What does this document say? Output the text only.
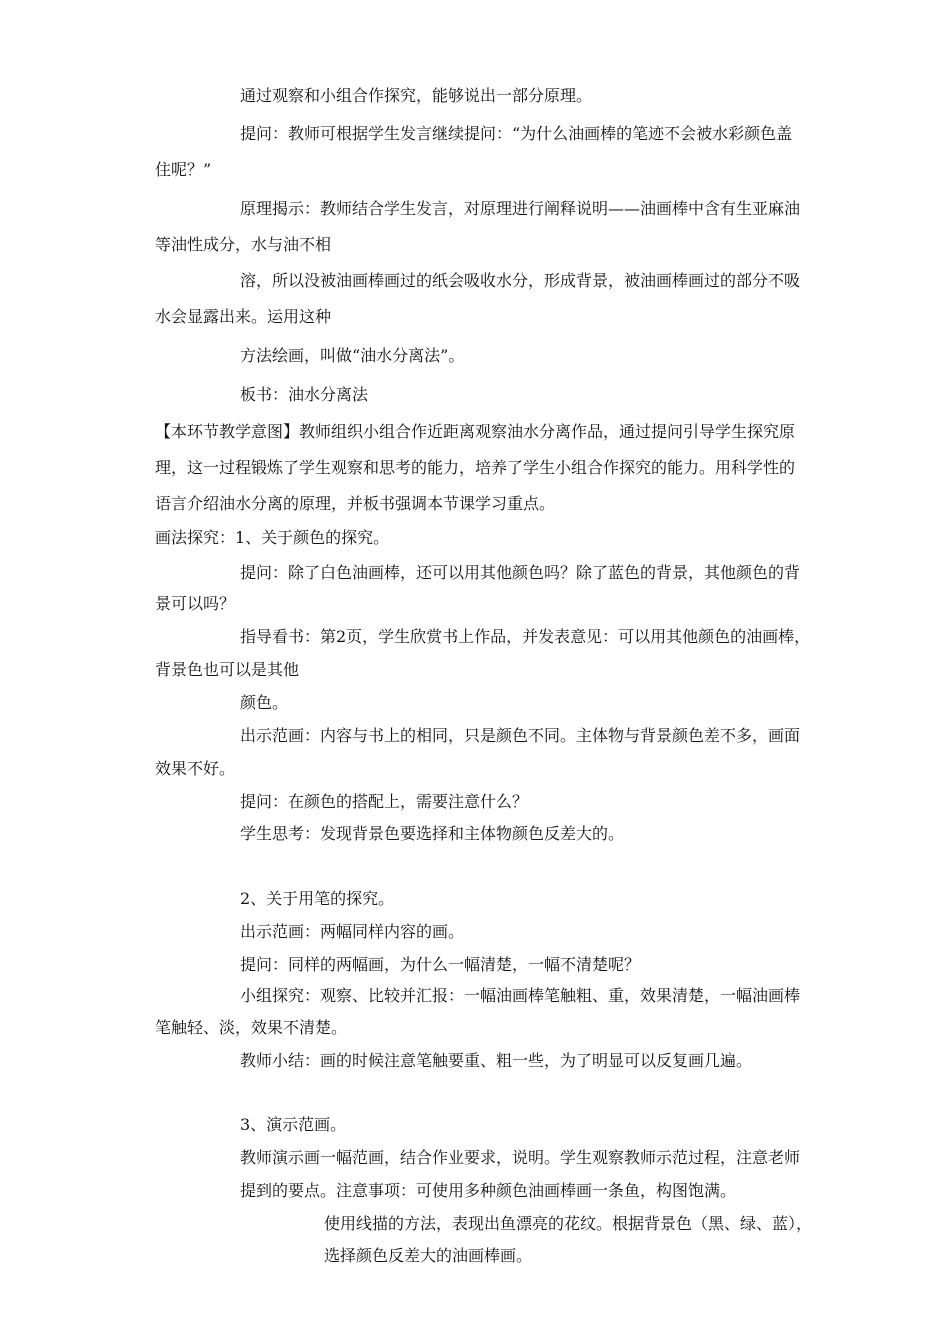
通过观察和小组合作探究，能够说出一部分原理。
提问：教师可根据学生发言继续提问：“为什么油画棒的笔迹不会被水彩颜色盖
住呢？”
原理揭示：教师结合学生发言，对原理进行阐释说明——油画棒中含有生亚麻油
等油性成分，水与油不相
溶，所以没被油画棒画过的纸会吸收水分，形成背景，被油画棒画过的部分不吸
水会显露出来。运用这种
方法绘画，叫做“油水分离法”。
板书：油水分离法
【本环节教学意图】教师组织小组合作近距离观察油水分离作品，通过提问引导学生探究原
理，这一过程锻炼了学生观察和思考的能力，培养了学生小组合作探究的能力。用科学性的
语言介绍油水分离的原理，并板书强调本节课学习重点。
画法探究：1、关于颜色的探究。
提问：除了白色油画棒，还可以用其他颜色吗？除了蓝色的背景，其他颜色的背
景可以吗？
指导看书：第2页，学生欣赏书上作品，并发表意见：可以用其他颜色的油画棒，
背景色也可以是其他
颜色。
出示范画：内容与书上的相同，只是颜色不同。主体物与背景颜色差不多，画面
效果不好。
提问：在颜色的搭配上，需要注意什么？
学生思考：发现背景色要选择和主体物颜色反差大的。
2、关于用笔的探究。
出示范画：两幅同样内容的画。
提问：同样的两幅画，为什么一幅清楚，一幅不清楚呢？
小组探究：观察、比较并汇报：一幅油画棒笔触粗、重，效果清楚，一幅油画棒
笔触轻、淡，效果不清楚。
教师小结：画的时候注意笔触要重、粗一些，为了明显可以反复画几遍。
3、演示范画。
教师演示画一幅范画，结合作业要求，说明。学生观察教师示范过程，注意老师
提到的要点。注意事项：可使用多种颜色油画棒画一条鱼，构图饱满。
使用线描的方法，表现出鱼漂亮的花纹。根据背景色（黑、绿、蓝），
选择颜色反差大的油画棒画。
